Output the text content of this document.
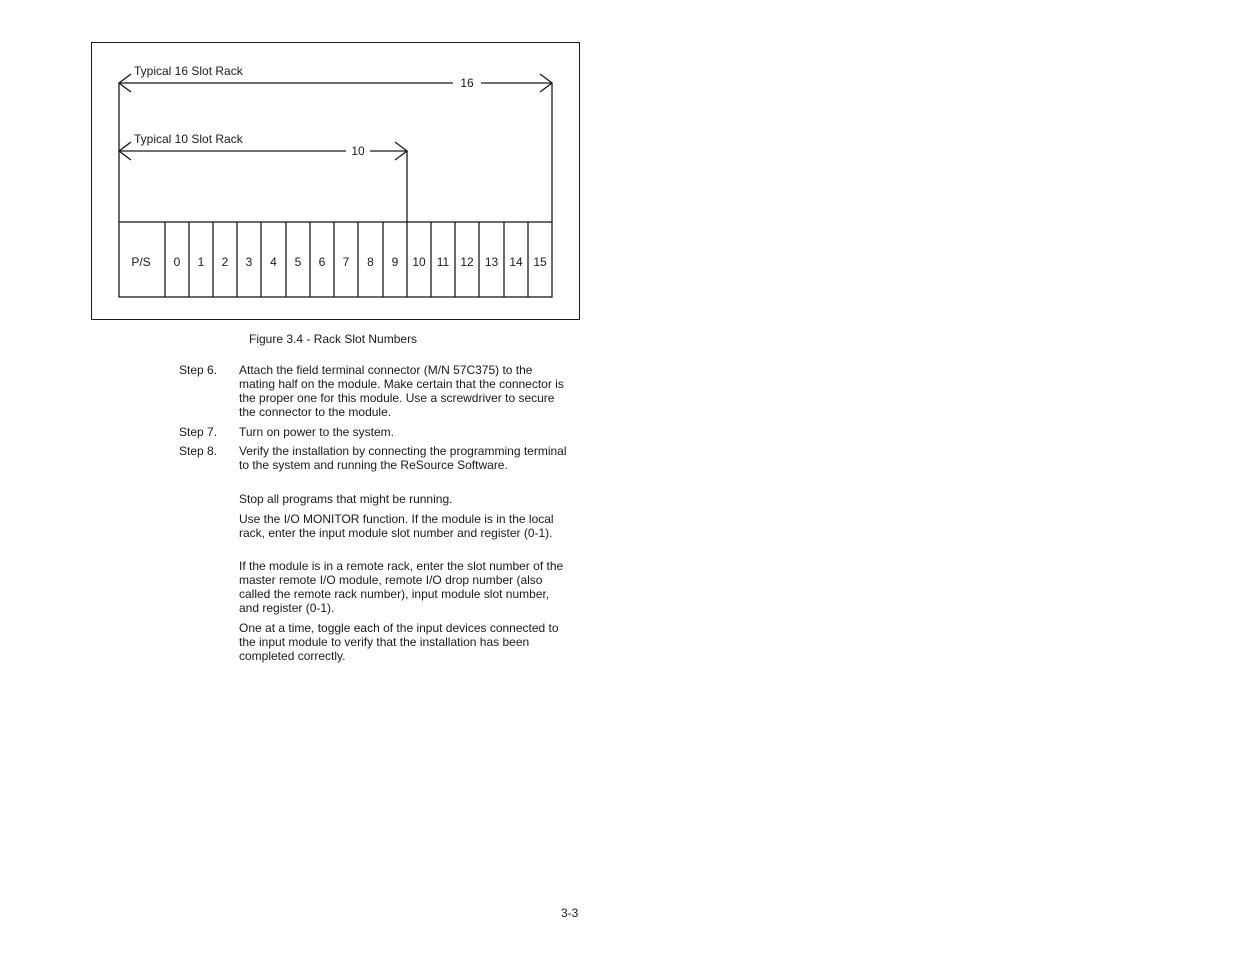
P/S 0 1 2 3 4 5 6 7 8 9 10 11 12 13 14 15
Typical 16 Slot Rack
16
Typical 10 Slot Rack
10
Figure 3.4 - Rack Slot Numbers
Step 6. Attach the field terminal connector (M/N 57C375) to the mating half on the module. Make certain that the connector is the proper one for this module. Use a screwdriver to secure the connector to the module.
Step 7. Turn on power to the system.
Step 8. Verify the installation by connecting the programming terminal to the system and running the ReSource Software.
Stop all programs that might be running.
Use the I/O MONITOR function. If the module is in the local rack, enter the input module slot number and register (0-1).
If the module is in a remote rack, enter the slot number of the master remote I/O module, remote I/O drop number (also called the remote rack number), input module slot number, and register (0-1).
One at a time, toggle each of the input devices connected to the input module to verify that the installation has been completed correctly.
3-3
